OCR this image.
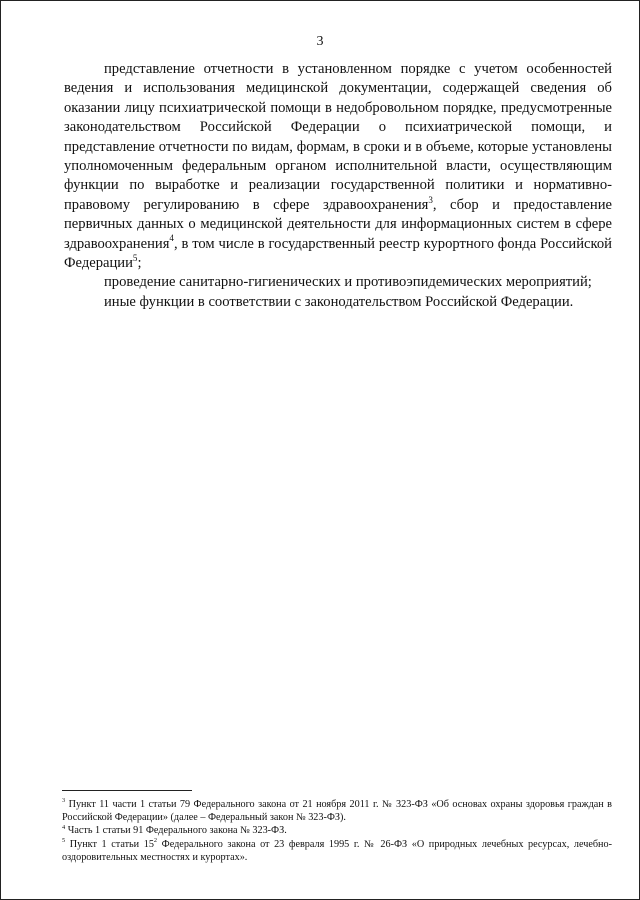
3

представление отчетности в установленном порядке с учетом особенностей ведения и использования медицинской документации, содержащей сведения об оказании лицу психиатрической помощи в недобровольном порядке, предусмотренные законодательством Российской Федерации о психиатрической помощи, и представление отчетности по видам, формам, в сроки и в объеме, которые установлены уполномоченным федеральным органом исполнительной власти, осуществляющим функции по выработке и реализации государственной политики и нормативно-правовому регулированию в сфере здравоохранения$^3$, сбор и предоставление первичных данных о медицинской деятельности для информационных систем в сфере здравоохранения$^4$, в том числе в государственный реестр курортного фонда Российской Федерации$^5$;

проведение санитарно-гигиенических и противоэпидемических мероприятий;

иные функции в соответствии с законодательством Российской Федерации.

$^3$ Пункт 11 части 1 статьи 79 Федерального закона от 21 ноября 2011 г. № 323-ФЗ «Об основах охраны здоровья граждан в Российской Федерации» (далее – Федеральный закон № 323-ФЗ).

$^4$ Часть 1 статьи 91 Федерального закона № 323-ФЗ.

$^5$ Пункт 1 статьи $15^2$ Федерального закона от 23 февраля 1995 г. № 26-ФЗ «О природных лечебных ресурсах, лечебно-оздоровительных местностях и курортах».
